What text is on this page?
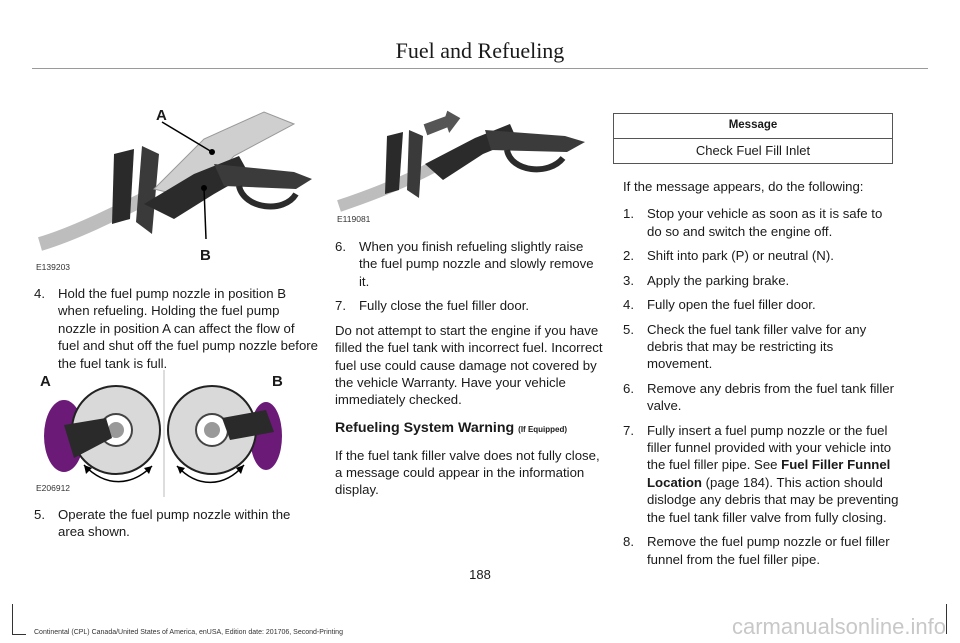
Fuel and Refueling
A
B
E139203
4. Hold the fuel pump nozzle in position B when refueling. Holding the fuel pump nozzle in position A can affect the flow of fuel and shut off the fuel pump nozzle before the fuel tank is full.
A	B
E206912
5. Operate the fuel pump nozzle within the area shown.
E119081
6. When you finish refueling slightly raise the fuel pump nozzle and slowly remove it.
7. Fully close the fuel filler door.

Do not attempt to start the engine if you have filled the fuel tank with incorrect fuel. Incorrect fuel use could cause damage not covered by the vehicle Warranty. Have your vehicle immediately checked.

Refueling System Warning (If Equipped)

If the fuel tank filler valve does not fully close, a message could appear in the information display.

Message
Check Fuel Fill Inlet

If the message appears, do the following:

1. Stop your vehicle as soon as it is safe to do so and switch the engine off.
2. Shift into park (P) or neutral (N).
3. Apply the parking brake.
4. Fully open the fuel filler door.
5. Check the fuel tank filler valve for any debris that may be restricting its movement.
6. Remove any debris from the fuel tank filler valve.
7. Fully insert a fuel pump nozzle or the fuel filler funnel provided with your vehicle into the fuel filler pipe. See Fuel Filler Funnel Location (page 184). This action should dislodge any debris that may be preventing the fuel tank filler valve from fully closing.
8. Remove the fuel pump nozzle or fuel filler funnel from the fuel filler pipe.
188
Continental (CPL) Canada/United States of America, enUSA, Edition date: 201706, Second-Printing	carmanualsonline.info
